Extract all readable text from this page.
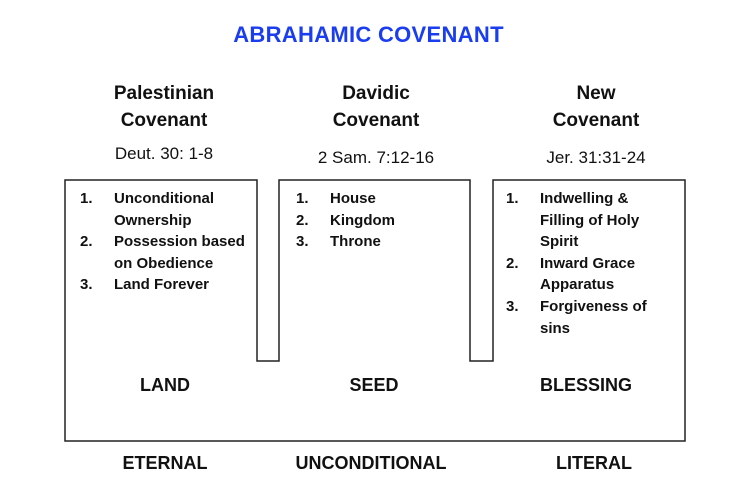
ABRAHAMIC COVENANT
Palestinian
Covenant
Davidic
Covenant
New
Covenant
Deut. 30: 1-8	2 Sam. 7:12-16	Jer. 31:31-24
1. Unconditional Ownership
2. Possession based on Obedience
3. Land Forever
1. House
2. Kingdom
3. Throne
1. Indwelling & Filling of Holy Spirit
2. Inward Grace Apparatus
3. Forgiveness of sins
LAND	SEED	BLESSING
ETERNAL	UNCONDITIONAL	LITERAL
